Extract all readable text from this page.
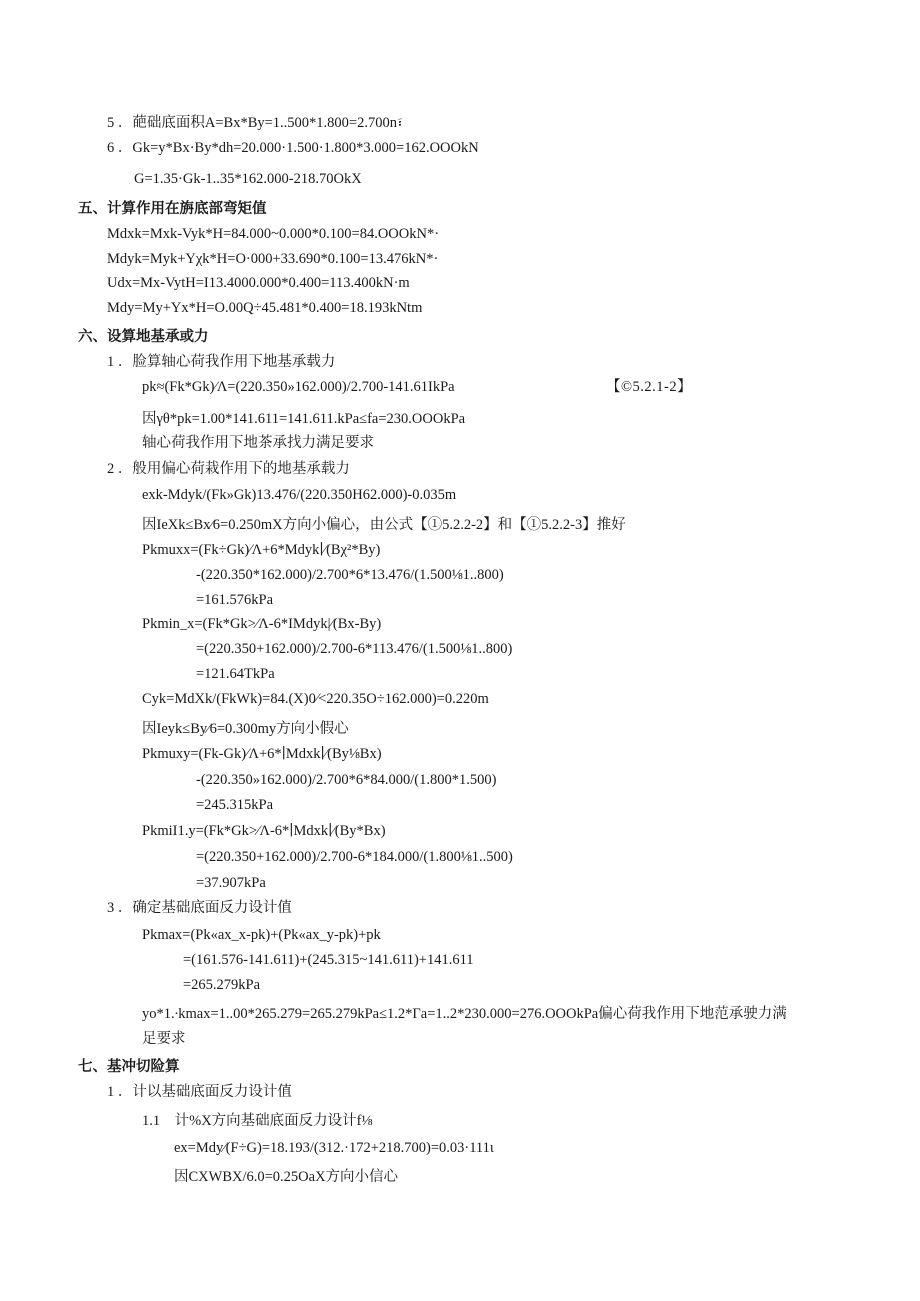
5 ．葩础底面积A=Bx*By=1..500*1.800=2.700n፣
6 ．Gk=y*Bx·By*dh=20.000·1.500·1.800*3.000=162.OOOkN
G=1.35·Gk-1..35*162.000-218.70OkX
五、计算作用在旃底部弯矩值
Mdxk=Mxk-Vyk*H=84.000~0.000*0.100=84.OOOkN*·
Mdyk=Myk+Yχk*H=O·000+33.690*0.100=13.476kN*·
Udx=Mx-VytH=I13.4000.000*0.400=113.400kN·m
Mdy=My+Yx*H=O.00Q÷45.481*0.400=18.193kNtm
六、设算地基承或力
1 ．脸算轴心荷我作用下地基承载力
pk≈(Fk*Gk)∕Λ=(220.350»162.000)/2.700-141.61IkPa	【©5.2.1-2】
因γθ*pk=1.00*141.611=141.611.kPa≤fa=230.OOOkPa
轴心荷我作用下地茶承找力满足要求
2 ．般用偏心荷栽作用下的地基承载力
exk-Mdyk/(Fk»Gk)13.476/(220.350H62.000)-0.035m
因IeXk≤Bx∕6=0.250mX方向小偏心，由公式【①5.2.2-2】和【①5.2.2-3】推好
Pkmuxx=(Fk÷Gk)∕Λ+6*Mdyk∣∕(Bχ²*By)
-(220.350*162.000)/2.700*6*13.476/(1.500⅛1..800)
=161.576kPa
Pkmin_x=(Fk*Gk>∕Λ-6*IMdyk|∕(Bx-By)
=(220.350+162.000)/2.700-6*113.476/(1.500⅛1..800)
=121.64TkPa
Cyk=MdXk/(FkWk)=84.(X)0∕<220.35O÷162.000)=0.220m
因Ieyk≤By∕6=0.300my方向小假心
Pkmuxy=(Fk-Gk)∕Λ+6*∣Mdxk∣∕(By⅛Bx)
-(220.350»162.000)/2.700*6*84.000/(1.800*1.500)
=245.315kPa
PkmiI1.y=(Fk*Gk>∕Λ-6*∣Mdxk∣∕(By*Bx)
=(220.350+162.000)/2.700-6*184.000/(1.800⅛1..500)
=37.907kPa
3 ．确定基础底面反力设计值
Pkmax=(Pk«ax_x-pk)+(Pk«ax_y-pk)+pk
=(161.576-141.611)+(245.315~141.611)+141.611
=265.279kPa
yo*1.∙kmax=1..00*265.279=265.279kPa≤1.2*Γa=1..2*230.000=276.OOOkPa偏心荷我作用下地范承驶力满
足要求
七、基冲切险算
1 ．计以基础底面反力设计值
1.1　计%X方向基础底面反力设计f⅛
ex=Mdy∕(F÷G)=18.193/(312.·172+218.700)=0.03·111ι
因CXWBX/6.0=0.25OaX方向小信心
